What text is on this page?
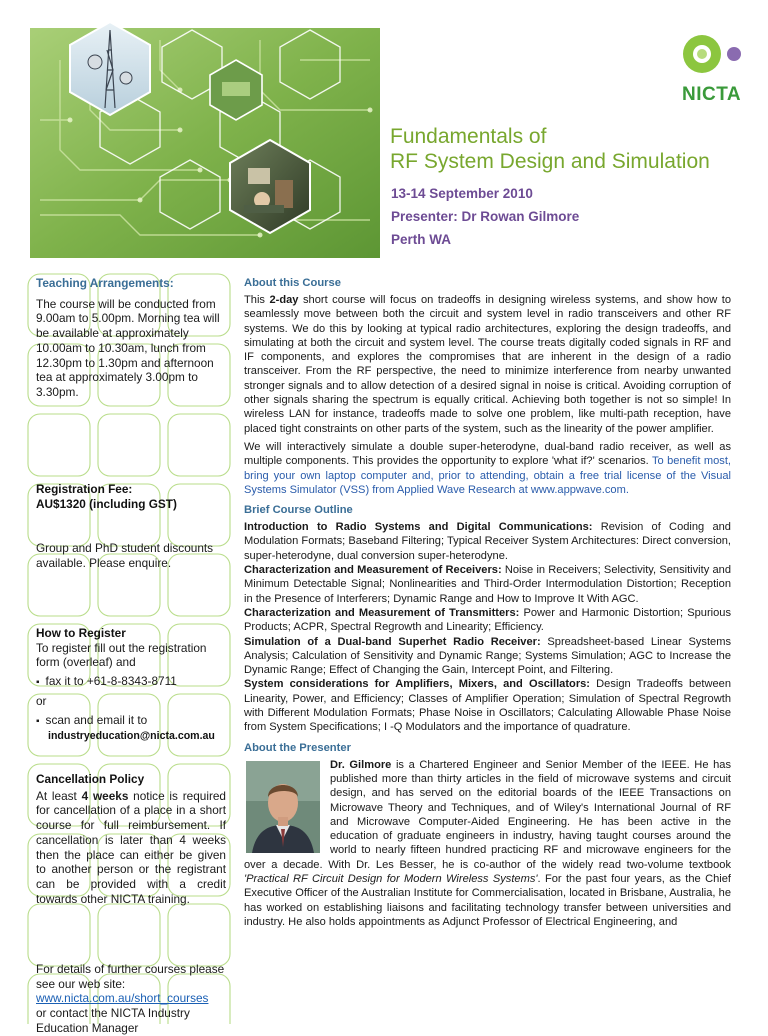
NICTA
Fundamentals of
RF System Design and Simulation
13-14 September 2010
Presenter: Dr Rowan Gilmore
Perth WA
Teaching Arrangements:
The course will be conducted from 9.00am to 5.00pm. Morning tea will be available at approximately 10.00am to 10.30am, lunch from 12.30pm to 1.30pm and afternoon tea at approximately 3.00pm to 3.30pm.
Registration Fee:
AU$1320 (including GST)
Group and PhD student discounts available. Please enquire.
How to Register
To register fill out the registration form (overleaf) and
▪ fax it to +61-8-8343-8711
or
▪ scan and email it to
industryeducation@nicta.com.au
Cancellation Policy
At least 4 weeks notice is required for cancellation of a place in a short course for full reimbursement. If cancellation is later than 4 weeks then the place can either be given to another person or the registrant can be provided with a credit towards other NICTA training.
For details of further courses please see our web site:
www.nicta.com.au/short_courses
or contact the NICTA Industry Education Manager
About this Course

This 2-day short course will focus on tradeoffs in designing wireless systems, and show how to seamlessly move between both the circuit and system level in radio transceivers and other RF systems. We do this by looking at typical radio architectures, exploring the design tradeoffs, and simulating at both the circuit and system level. The course treats digitally coded signals in RF and IF components, and explores the compromises that are inherent in the design of a radio transceiver. From the RF perspective, the need to minimize interference from nearby unwanted stronger signals and to allow detection of a desired signal in noise is critical. Avoiding corruption of other signals sharing the spectrum is equally critical. Achieving both together is not so simple! In wireless LAN for instance, tradeoffs made to solve one problem, like multi-path reception, have placed tight constraints on other parts of the system, such as the linearity of the power amplifier.

We will interactively simulate a double super-heterodyne, dual-band radio receiver, as well as multiple components. This provides the opportunity to explore 'what if?' scenarios. To benefit most, bring your own laptop computer and, prior to attending, obtain a free trial license of the Visual Systems Simulator (VSS) from Applied Wave Research at www.appwave.com.

Brief Course Outline

Introduction to Radio Systems and Digital Communications: Revision of Coding and Modulation Formats; Baseband Filtering; Typical Receiver System Architectures: Direct conversion, super-heterodyne, dual conversion super-heterodyne.

Characterization and Measurement of Receivers: Noise in Receivers; Selectivity, Sensitivity and Minimum Detectable Signal; Nonlinearities and Third-Order Intermodulation Distortion; Reception in the Presence of Interferers; Dynamic Range and How to Improve It With AGC.

Characterization and Measurement of Transmitters: Power and Harmonic Distortion; Spurious Products; ACPR, Spectral Regrowth and Linearity; Efficiency.

Simulation of a Dual-band Superhet Radio Receiver: Spreadsheet-based Linear Systems Analysis; Calculation of Sensitivity and Dynamic Range; Systems Simulation; AGC to Increase the Dynamic Range; Effect of Changing the Gain, Intercept Point, and Filtering.

System considerations for Amplifiers, Mixers, and Oscillators: Design Tradeoffs between Linearity, Power, and Efficiency; Classes of Amplifier Operation; Simulation of Spectral Regrowth with Different Modulation Formats; Phase Noise in Oscillators; Calculating Allowable Phase Noise from System Specifications; I -Q Modulators and the importance of quadrature.

About the Presenter

Dr. Gilmore is a Chartered Engineer and Senior Member of the IEEE. He has published more than thirty articles in the field of microwave systems and circuit design, and has served on the editorial boards of the IEEE Transactions on Microwave Theory and Techniques, and of Wiley's International Journal of RF and Microwave Computer-Aided Engineering. He has been active in the education of graduate engineers in industry, having taught courses around the world to nearly fifteen hundred practicing RF and microwave engineers for the over a decade. With Dr. Les Besser, he is co-author of the widely read two-volume textbook 'Practical RF Circuit Design for Modern Wireless Systems'. For the past four years, as the Chief Executive Officer of the Australian Institute for Commercialisation, located in Brisbane, Australia, he has worked on establishing liaisons and facilitating technology transfer between universities and industry. He also holds appointments as Adjunct Professor of Electrical Engineering, and
